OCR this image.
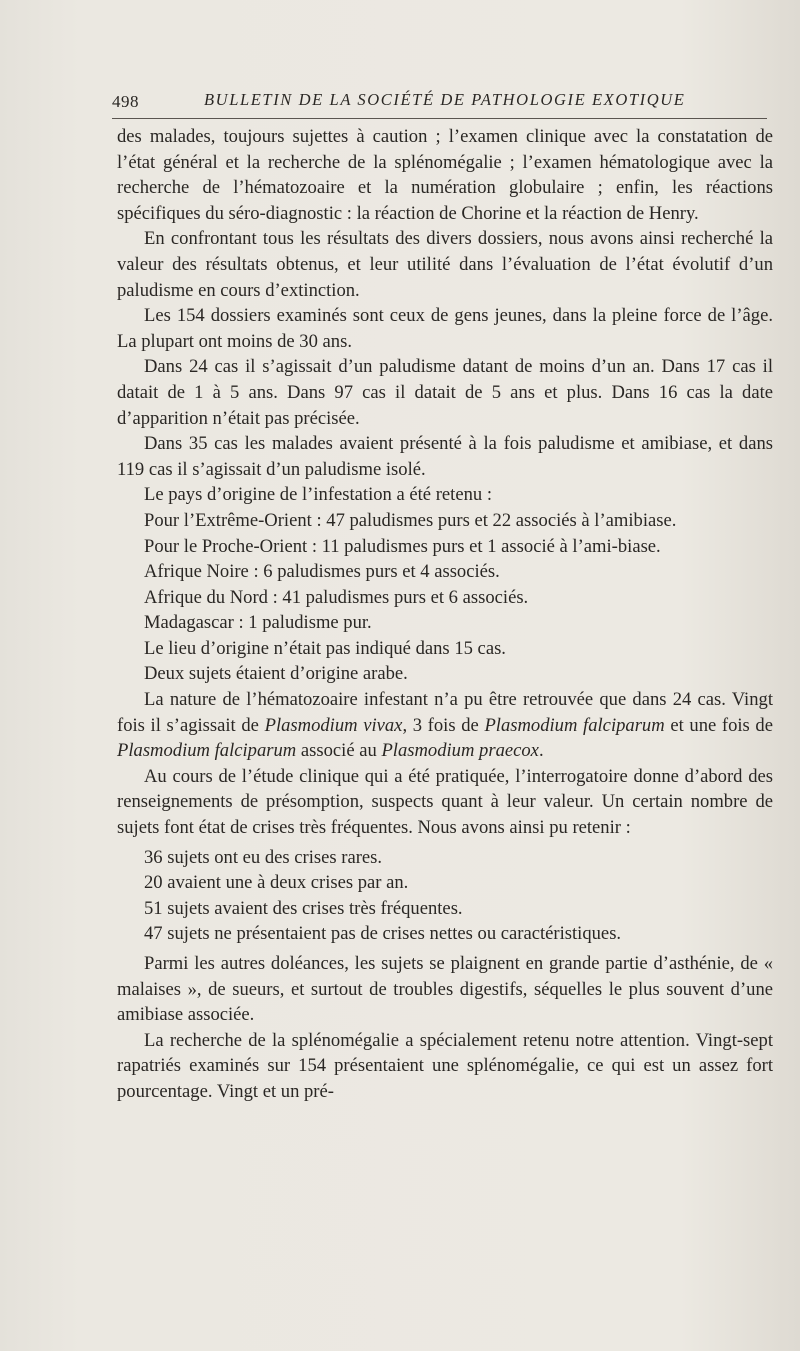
498	BULLETIN DE LA SOCIÉTÉ DE PATHOLOGIE EXOTIQUE

des malades, toujours sujettes à caution ; l’examen clinique avec la constatation de l’état général et la recherche de la splénomégalie ; l’examen hématologique avec la recherche de l’hématozoaire et la numération globulaire ; enfin, les réactions spécifiques du séro-diagnostic : la réaction de Chorine et la réaction de Henry.

En confrontant tous les résultats des divers dossiers, nous avons ainsi recherché la valeur des résultats obtenus, et leur utilité dans l’évaluation de l’état évolutif d’un paludisme en cours d’extinction.

Les 154 dossiers examinés sont ceux de gens jeunes, dans la pleine force de l’âge. La plupart ont moins de 30 ans.

Dans 24 cas il s’agissait d’un paludisme datant de moins d’un an. Dans 17 cas il datait de 1 à 5 ans. Dans 97 cas il datait de 5 ans et plus. Dans 16 cas la date d’apparition n’était pas précisée.

Dans 35 cas les malades avaient présenté à la fois paludisme et amibiase, et dans 119 cas il s’agissait d’un paludisme isolé.

Le pays d’origine de l’infestation a été retenu :

Pour l’Extrême-Orient : 47 paludismes purs et 22 associés à l’amibiase.

Pour le Proche-Orient : 11 paludismes purs et 1 associé à l’ami-biase.

Afrique Noire : 6 paludismes purs et 4 associés.

Afrique du Nord : 41 paludismes purs et 6 associés.

Madagascar : 1 paludisme pur.

Le lieu d’origine n’était pas indiqué dans 15 cas.

Deux sujets étaient d’origine arabe.

La nature de l’hématozoaire infestant n’a pu être retrouvée que dans 24 cas. Vingt fois il s’agissait de Plasmodium vivax, 3 fois de Plasmodium falciparum et une fois de Plasmodium falciparum associé au Plasmodium praecox.

Au cours de l’étude clinique qui a été pratiquée, l’interrogatoire donne d’abord des renseignements de présomption, suspects quant à leur valeur. Un certain nombre de sujets font état de crises très fréquentes. Nous avons ainsi pu retenir :

36 sujets ont eu des crises rares.

20 avaient une à deux crises par an.

51 sujets avaient des crises très fréquentes.

47 sujets ne présentaient pas de crises nettes ou caractéristiques.

Parmi les autres doléances, les sujets se plaignent en grande partie d’asthénie, de « malaises », de sueurs, et surtout de troubles digestifs, séquelles le plus souvent d’une amibiase associée.

La recherche de la splénomégalie a spécialement retenu notre attention. Vingt-sept rapatriés examinés sur 154 présentaient une splénomégalie, ce qui est un assez fort pourcentage. Vingt et un pré-
